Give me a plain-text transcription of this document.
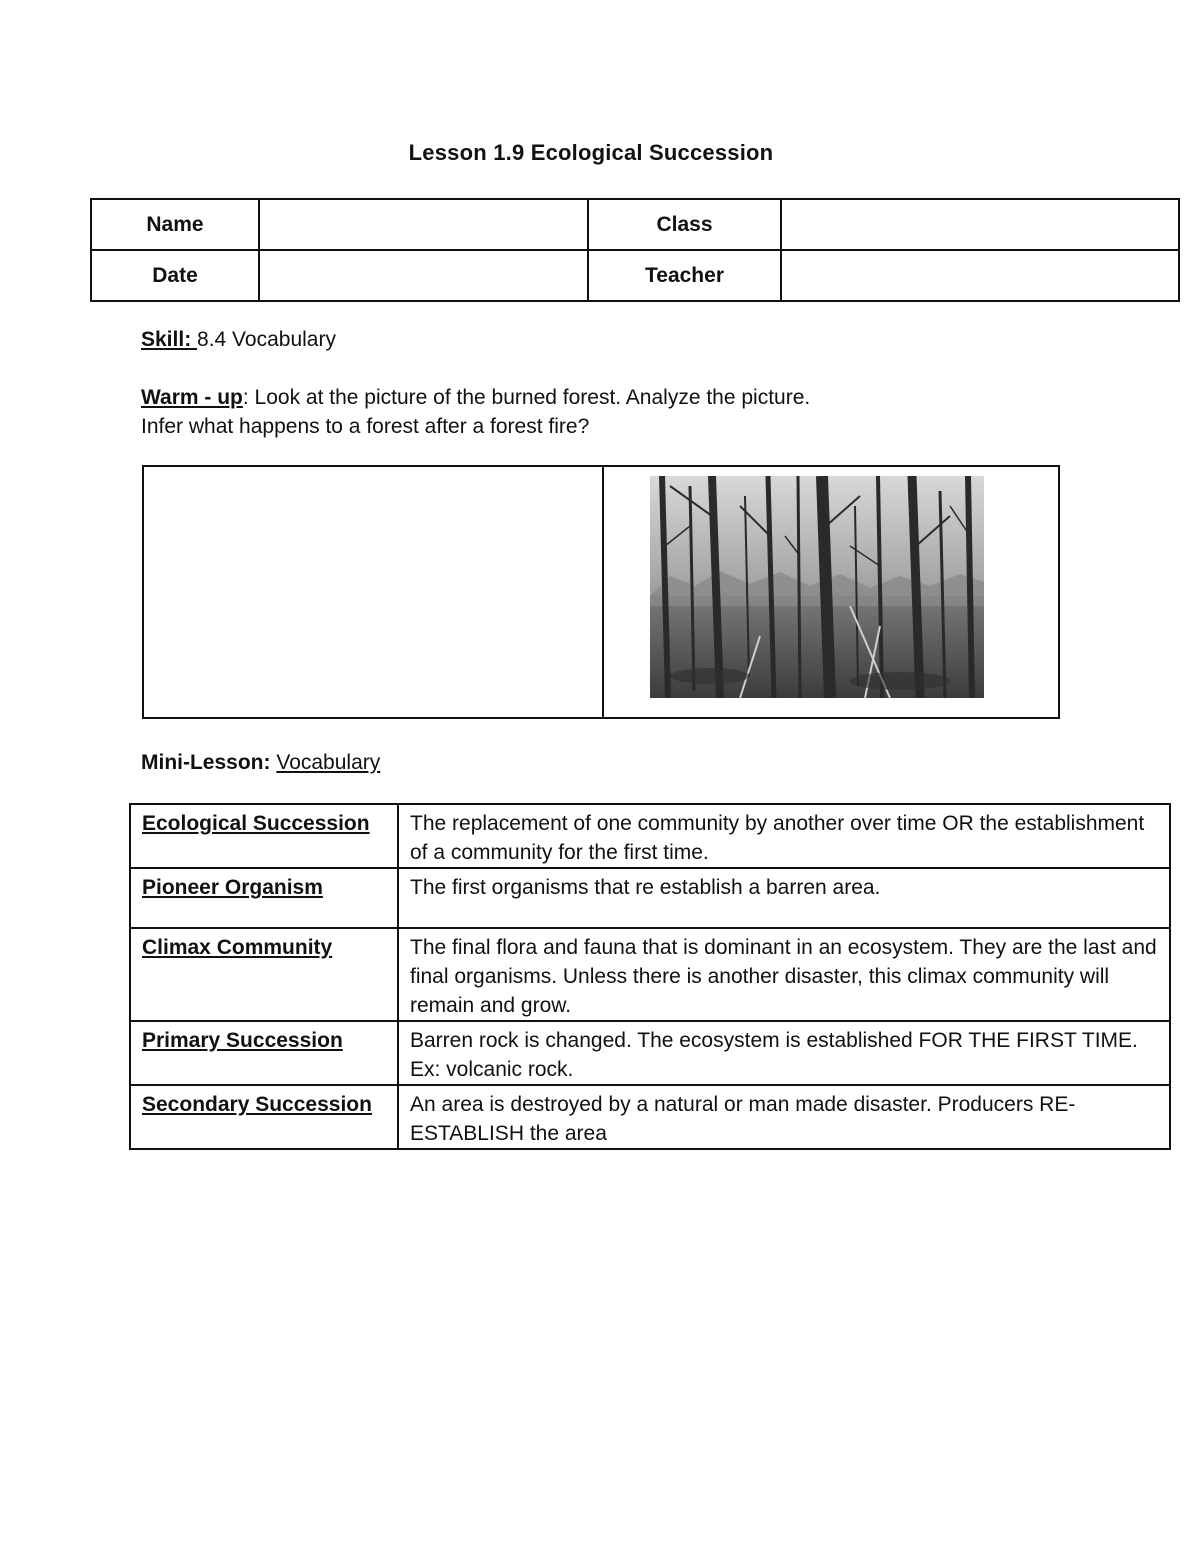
Lesson 1.9 Ecological Succession
Name		Class	
Date		Teacher	
Skill: 8.4 Vocabulary
Warm - up: Look at the picture of the burned forest. Analyze the picture.
Infer what happens to a forest after a forest fire?
Mini-Lesson: Vocabulary
Ecological Succession	The replacement of one community by another over time OR the establishment of a community for the first time.
Pioneer Organism	The first organisms that re establish a barren area.
Climax Community	The final flora and fauna that is dominant in an ecosystem. They are the last and final organisms. Unless there is another disaster, this climax community will remain and grow.
Primary Succession	Barren rock is changed. The ecosystem is established FOR THE FIRST TIME. Ex: volcanic rock.
Secondary Succession	An area is destroyed by a natural or man made disaster. Producers RE-ESTABLISH the area
